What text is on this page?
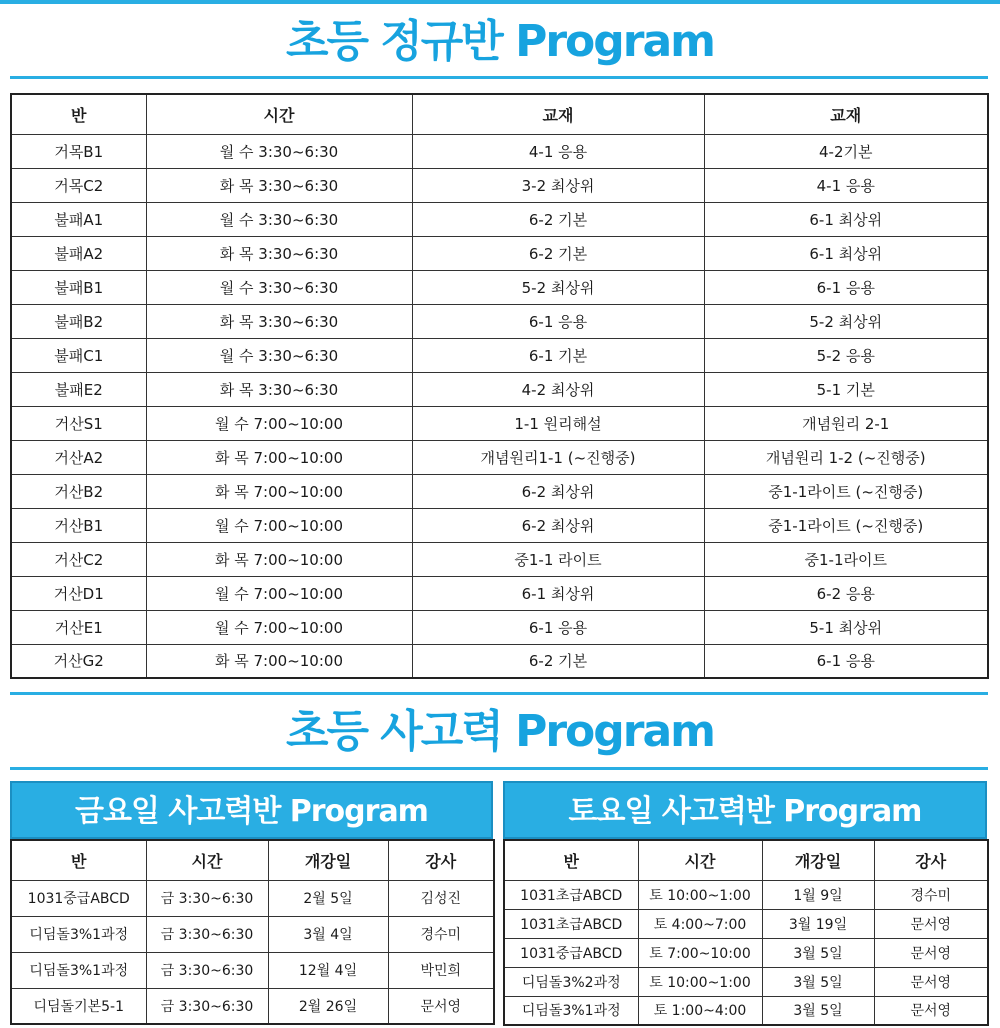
초등 정규반 Program
반	시간	교재	교재
거목B1	월 수 3:30~6:30	4-1 응용	4-2기본
거목C2	화 목 3:30~6:30	3-2 최상위	4-1 응용
불패A1	월 수 3:30~6:30	6-2 기본	6-1 최상위
불패A2	화 목 3:30~6:30	6-2 기본	6-1 최상위
불패B1	월 수 3:30~6:30	5-2 최상위	6-1 응용
불패B2	화 목 3:30~6:30	6-1 응용	5-2 최상위
불패C1	월 수 3:30~6:30	6-1 기본	5-2 응용
불패E2	화 목 3:30~6:30	4-2 최상위	5-1 기본
거산S1	월 수 7:00~10:00	1-1 원리해설	개념원리 2-1
거산A2	화 목 7:00~10:00	개념원리1-1 (~진행중)	개념원리 1-2 (~진행중)
거산B2	화 목 7:00~10:00	6-2 최상위	중1-1라이트 (~진행중)
거산B1	월 수 7:00~10:00	6-2 최상위	중1-1라이트 (~진행중)
거산C2	화 목 7:00~10:00	중1-1 라이트	중1-1라이트
거산D1	월 수 7:00~10:00	6-1 최상위	6-2 응용
거산E1	월 수 7:00~10:00	6-1 응용	5-1 최상위
거산G2	화 목 7:00~10:00	6-2 기본	6-1 응용
초등 사고력 Program
금요일 사고력반 Program
반	시간	개강일	강사
1031중급ABCD	금 3:30~6:30	2월 5일	김성진
디딤돌3%1과정	금 3:30~6:30	3월 4일	경수미
디딤돌3%1과정	금 3:30~6:30	12월 4일	박민희
디딤돌기본5-1	금 3:30~6:30	2월 26일	문서영
토요일 사고력반 Program
반	시간	개강일	강사
1031초급ABCD	토 10:00~1:00	1월 9일	경수미
1031초급ABCD	토 4:00~7:00	3월 19일	문서영
1031중급ABCD	토 7:00~10:00	3월 5일	문서영
디딤돌3%2과정	토 10:00~1:00	3월 5일	문서영
디딤돌3%1과정	토 1:00~4:00	3월 5일	문서영
